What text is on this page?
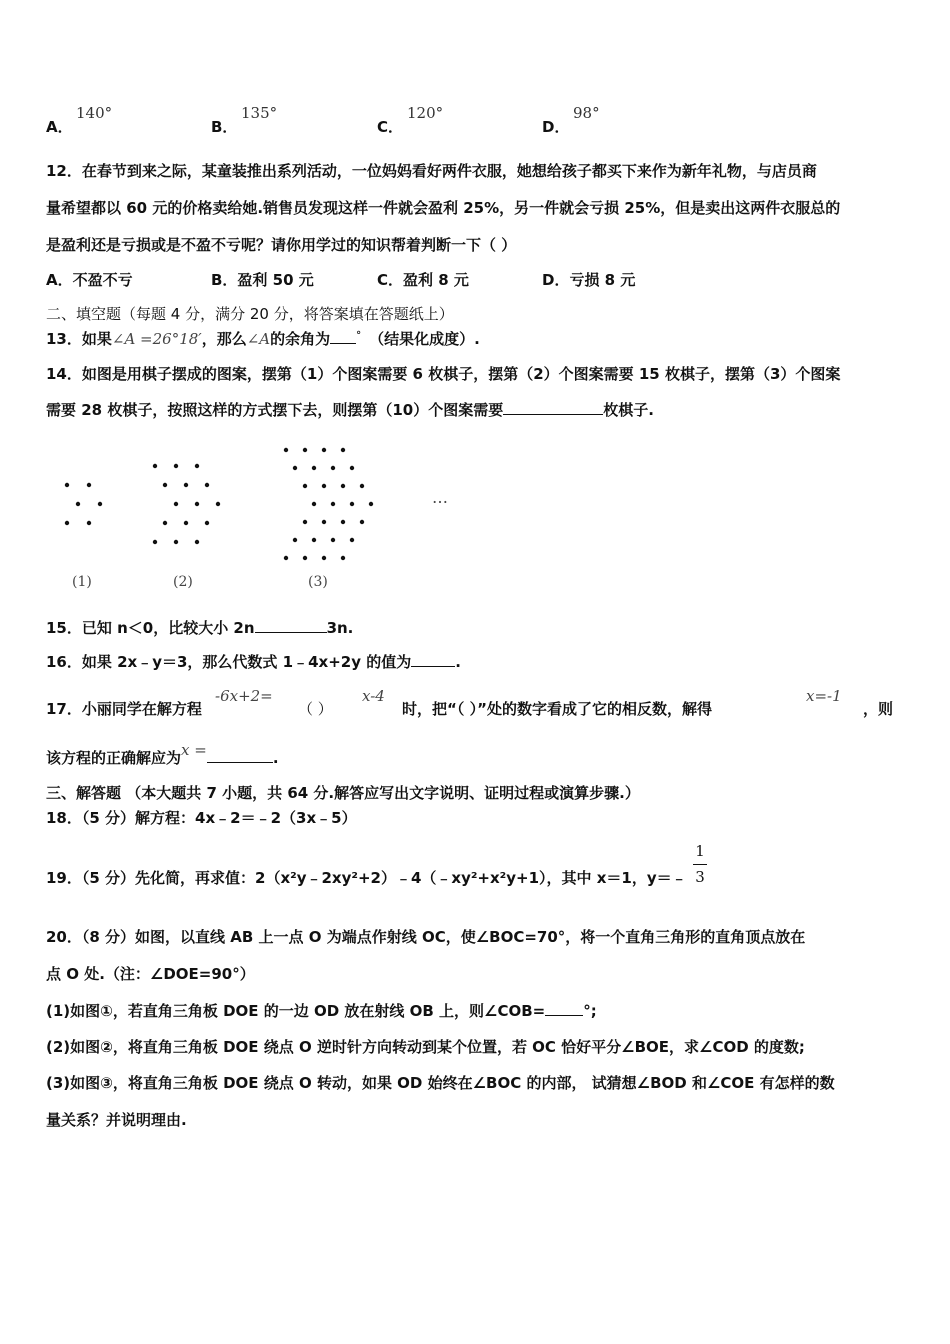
A．
140°
B．
135°
C．
120°
D．
98°
12．在春节到来之际，某童装推出系列活动，一位妈妈看好两件衣服，她想给孩子都买下来作为新年礼物，与店员商
量希望都以 60 元的价格卖给她.销售员发现这样一件就会盈利 25%，另一件就会亏损 25%，但是卖出这两件衣服总的
是盈利还是亏损或是不盈不亏呢？请你用学过的知识帮着判断一下（ ）
A．不盈不亏	B．盈利 50 元	C．盈利 8 元	D．亏损 8 元
二、填空题（每题 4 分，满分 20 分，将答案填在答题纸上）
13．如果∠A =26°18′，那么∠A的余角为	° （结果化成度）.
14．如图是用棋子摆成的图案，摆第（1）个图案需要 6 枚棋子，摆第（2）个图案需要 15 枚棋子，摆第（3）个图案
需要 28 枚棋子，按照这样的方式摆下去，则摆第（10）个图案需要	枚棋子.
…
(1)	(2)	(3)
15．已知 n＜0，比较大小 2n	3n.
16．如果 2x﹣y＝3，那么代数式 1﹣4x+2y 的值为	.
17．小丽同学在解方程
-6x+2=
（ ）
x-4
时，把“（ ）”处的数字看成了它的相反数，解得
x=-1
，则
该方程的正确解应为x =	.
三、解答题 （本大题共 7 小题，共 64 分.解答应写出文字说明、证明过程或演算步骤.）
18．（5 分）解方程：4x﹣2＝﹣2（3x﹣5）
19．（5 分）先化简，再求值：2（x²y﹣2xy²+2）﹣4（﹣xy²+x²y+1），其中 x＝1，y＝﹣
1
3
20．（8 分）如图，以直线 AB 上一点 O 为端点作射线 OC，使∠BOC=70°，将一个直角三角形的直角顶点放在
点 O 处.（注：∠DOE=90°）
(1)如图①，若直角三角板 DOE 的一边 OD 放在射线 OB 上，则∠COB=	°;
(2)如图②，将直角三角板 DOE 绕点 O 逆时针方向转动到某个位置，若 OC 恰好平分∠BOE，求∠COD 的度数;
(3)如图③，将直角三角板 DOE 绕点 O 转动，如果 OD 始终在∠BOC 的内部， 试猜想∠BOD 和∠COE 有怎样的数
量关系？并说明理由.
